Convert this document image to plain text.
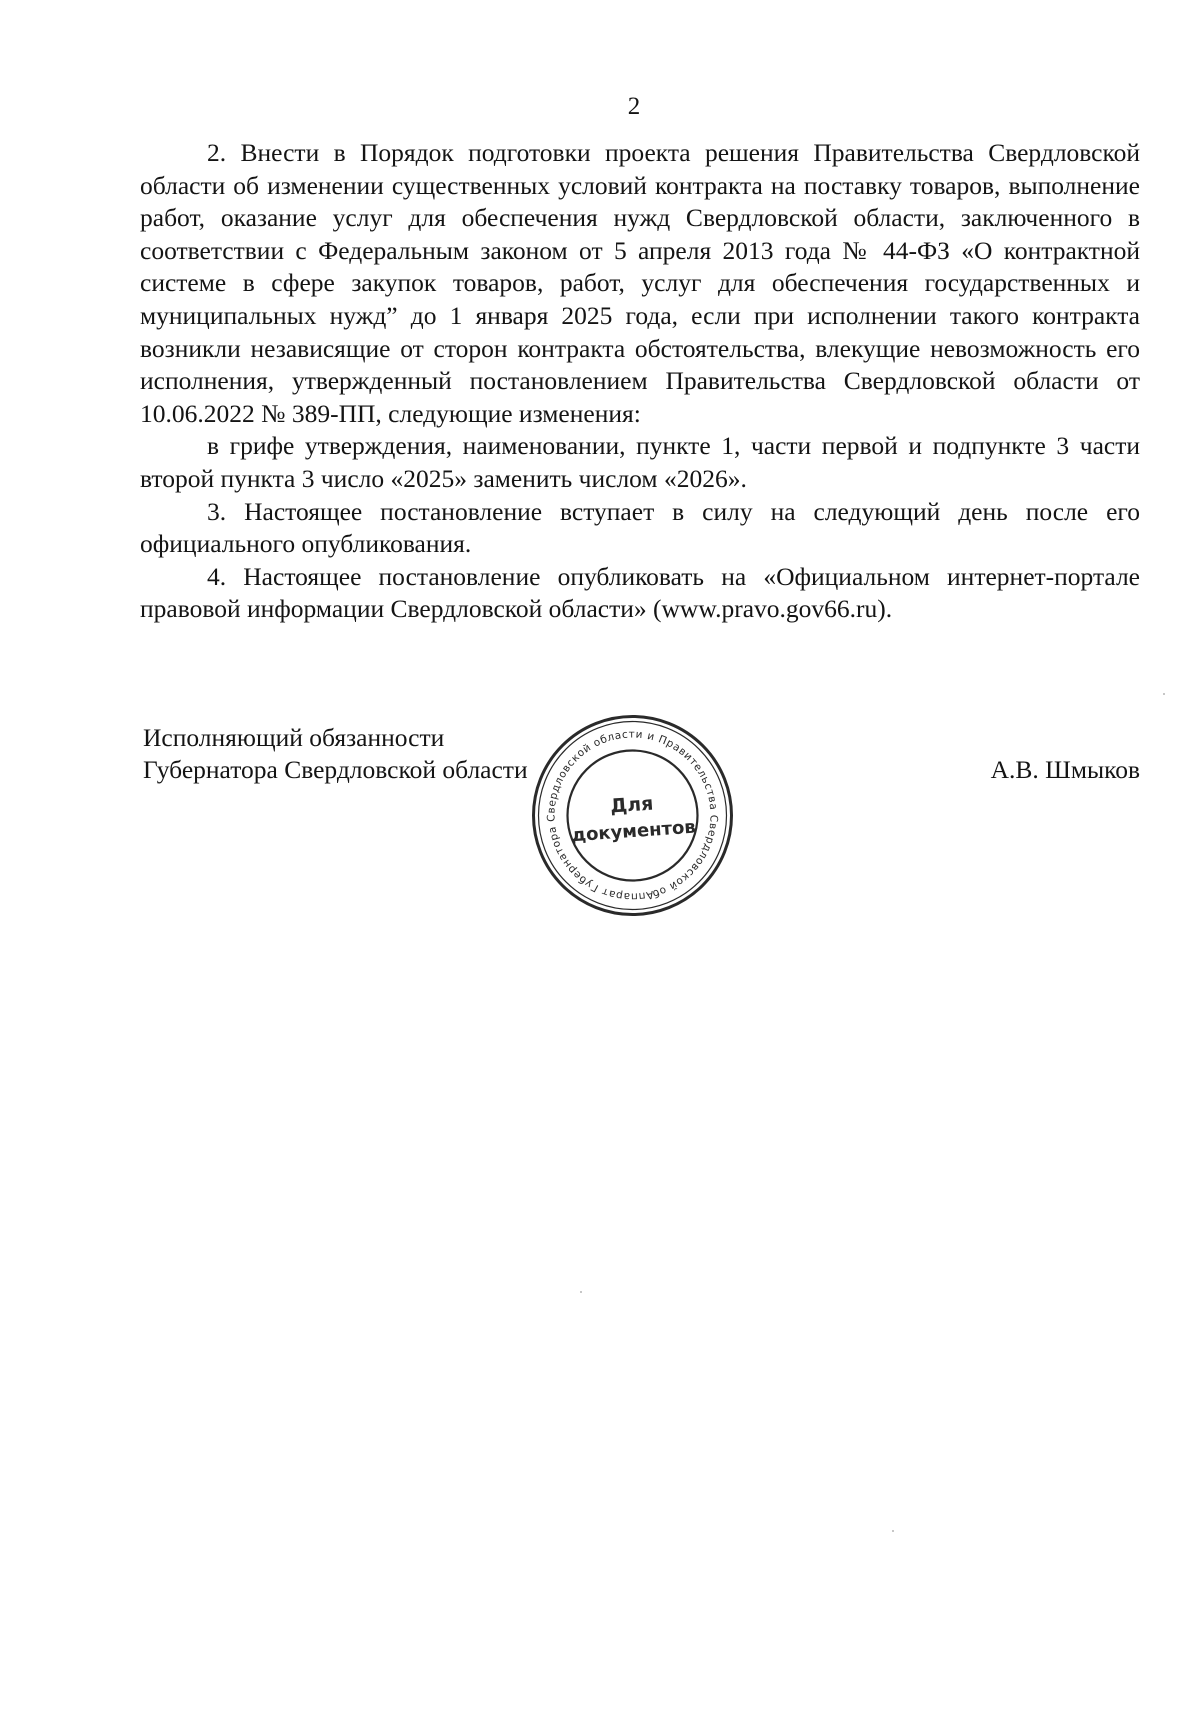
2

2. Внести в Порядок подготовки проекта решения Правительства Свердловской области об изменении существенных условий контракта на поставку товаров, выполнение работ, оказание услуг для обеспечения нужд Свердловской области, заключенного в соответствии с Федеральным законом от 5 апреля 2013 года № 44-ФЗ «О контрактной системе в сфере закупок товаров, работ, услуг для обеспечения государственных и муниципальных нужд” до 1 января 2025 года, если при исполнении такого контракта возникли независящие от сторон контракта обстоятельства, влекущие невозможность его исполнения, утвержденный постановлением Правительства Свердловской области от 10.06.2022 № 389-ПП, следующие изменения:

в грифе утверждения, наименовании, пункте 1, части первой и подпункте 3 части второй пункта 3 число «2025» заменить числом «2026».

3. Настоящее постановление вступает в силу на следующий день после его официального опубликования.

4. Настоящее постановление опубликовать на «Официальном интернет-портале правовой информации Свердловской области» (www.pravo.gov66.ru).

Исполняющий обязанности
Губернатора Свердловской области	А.В. Шмыков
Аппарат Губернатора Свердловской области и Правительства Свердловской области
Для
документов
